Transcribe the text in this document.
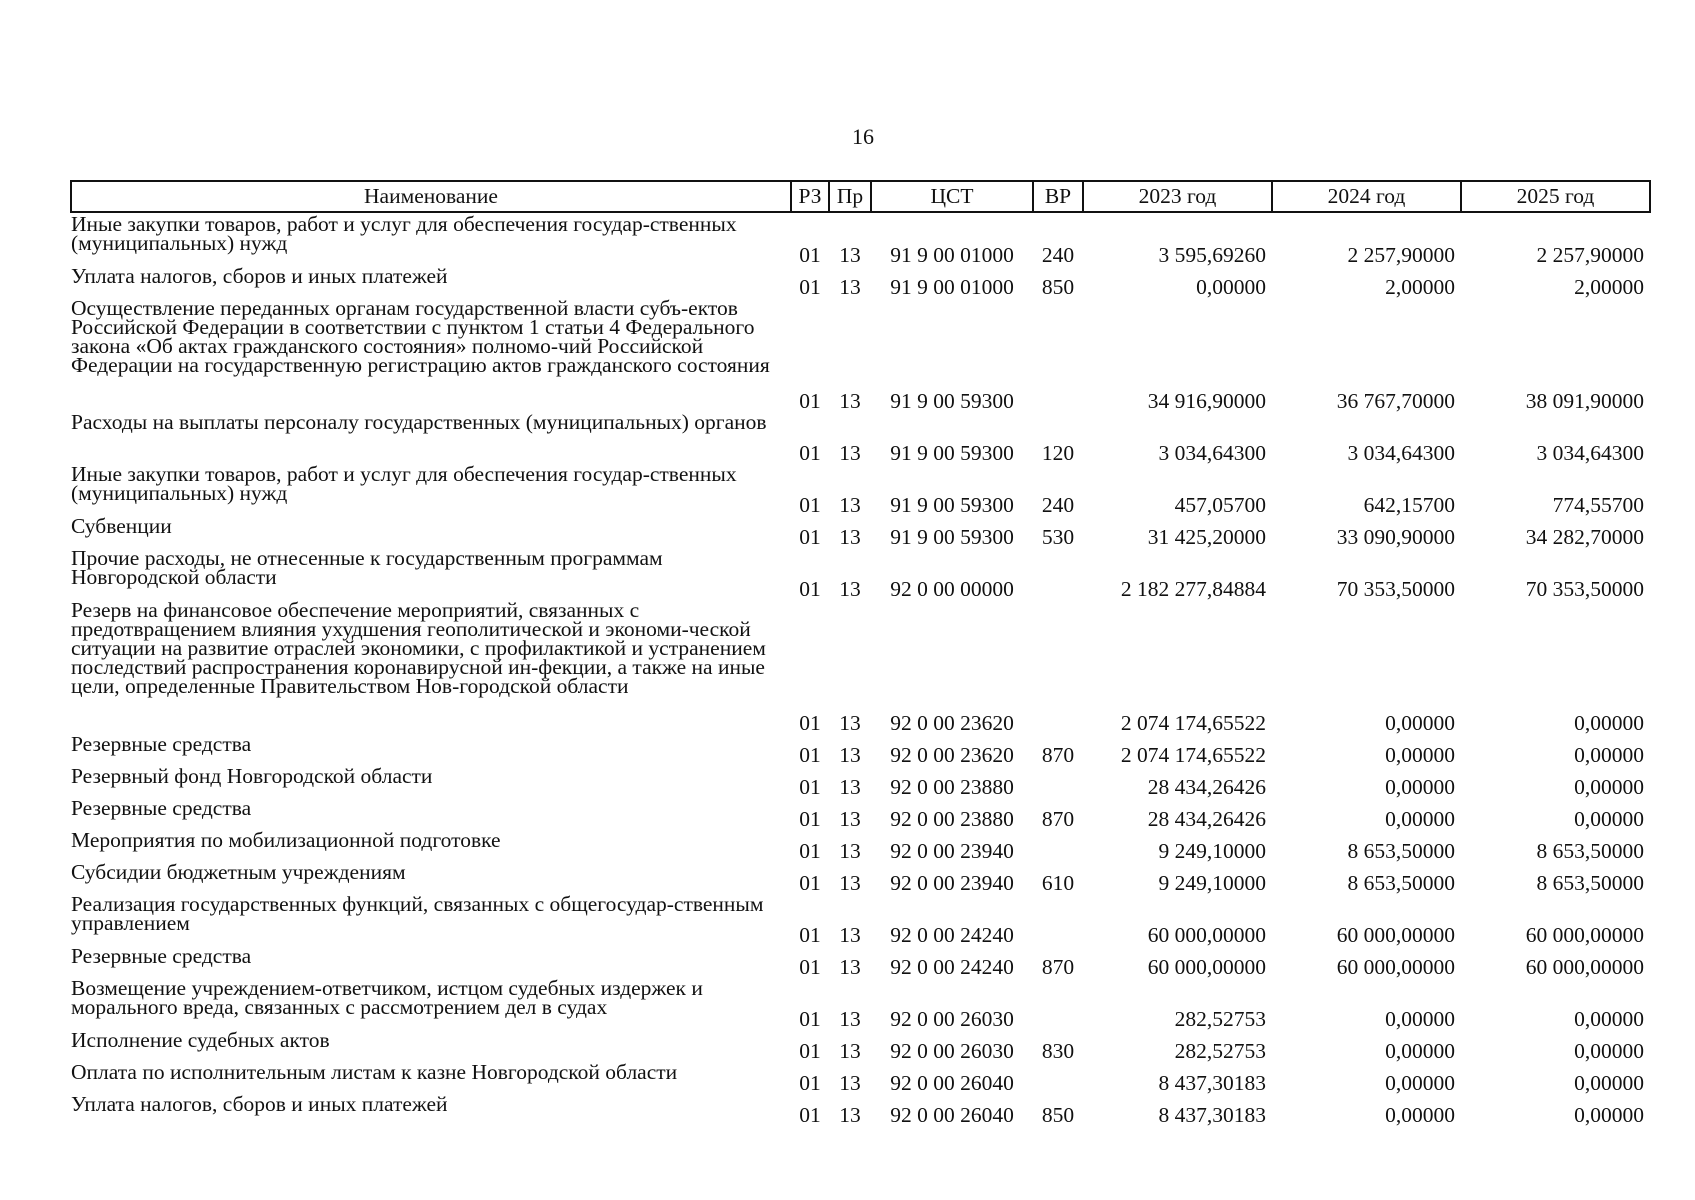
16
Наименование	РЗ	Пр	ЦСТ	ВР	2023 год	2024 год	2025 год
Иные закупки товаров, работ и услуг для обеспечения государ-ственных (муниципальных) нужд	01	13	91 9 00 01000	240	3 595,69260	2 257,90000	2 257,90000
Уплата налогов, сборов и иных платежей	01	13	91 9 00 01000	850	0,00000	2,00000	2,00000
Осуществление переданных органам государственной власти субъ-ектов Российской Федерации в соответствии с пунктом 1 статьи 4 Федерального закона «Об актах гражданского состояния» полномо-чий Российской Федерации на государственную регистрацию актов гражданского состояния	01	13	91 9 00 59300		34 916,90000	36 767,70000	38 091,90000
Расходы на выплаты персоналу государственных (муниципальных) органов	01	13	91 9 00 59300	120	3 034,64300	3 034,64300	3 034,64300
Иные закупки товаров, работ и услуг для обеспечения государ-ственных (муниципальных) нужд	01	13	91 9 00 59300	240	457,05700	642,15700	774,55700
Субвенции	01	13	91 9 00 59300	530	31 425,20000	33 090,90000	34 282,70000
Прочие расходы, не отнесенные к государственным программам Новгородской области	01	13	92 0 00 00000		2 182 277,84884	70 353,50000	70 353,50000
Резерв на финансовое обеспечение мероприятий, связанных с предотвращением влияния ухудшения геополитической и экономи-ческой ситуации на развитие отраслей экономики, с профилактикой и устранением последствий распространения коронавирусной ин-фекции, а также на иные цели, определенные Правительством Нов-городской области	01	13	92 0 00 23620		2 074 174,65522	0,00000	0,00000
Резервные средства	01	13	92 0 00 23620	870	2 074 174,65522	0,00000	0,00000
Резервный фонд Новгородской области	01	13	92 0 00 23880		28 434,26426	0,00000	0,00000
Резервные средства	01	13	92 0 00 23880	870	28 434,26426	0,00000	0,00000
Мероприятия по мобилизационной подготовке	01	13	92 0 00 23940		9 249,10000	8 653,50000	8 653,50000
Субсидии бюджетным учреждениям	01	13	92 0 00 23940	610	9 249,10000	8 653,50000	8 653,50000
Реализация государственных функций, связанных с общегосудар-ственным управлением	01	13	92 0 00 24240		60 000,00000	60 000,00000	60 000,00000
Резервные средства	01	13	92 0 00 24240	870	60 000,00000	60 000,00000	60 000,00000
Возмещение учреждением-ответчиком, истцом судебных издержек и морального вреда, связанных с рассмотрением дел в судах	01	13	92 0 00 26030		282,52753	0,00000	0,00000
Исполнение судебных актов	01	13	92 0 00 26030	830	282,52753	0,00000	0,00000
Оплата по исполнительным листам к казне Новгородской области	01	13	92 0 00 26040		8 437,30183	0,00000	0,00000
Уплата налогов, сборов и иных платежей	01	13	92 0 00 26040	850	8 437,30183	0,00000	0,00000
